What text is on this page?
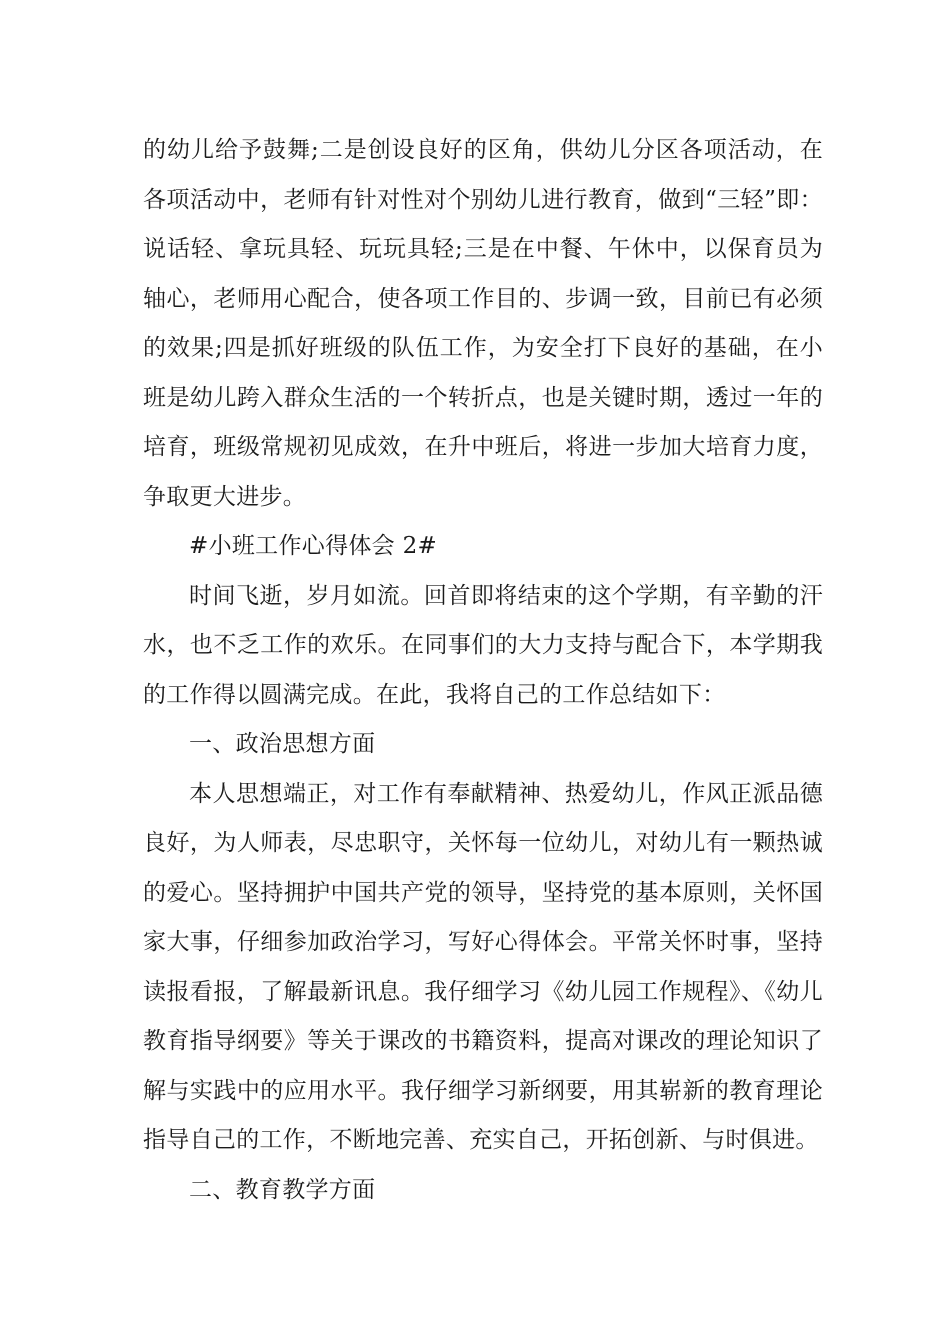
的幼儿给予鼓舞;二是创设良好的区角，供幼儿分区各项活动，在各项活动中，老师有针对性对个别幼儿进行教育，做到“三轻”即：说话轻、拿玩具轻、玩玩具轻;三是在中餐、午休中，以保育员为轴心，老师用心配合，使各项工作目的、步调一致，目前已有必须的效果;四是抓好班级的队伍工作，为安全打下良好的基础，在小班是幼儿跨入群众生活的一个转折点，也是关键时期，透过一年的培育，班级常规初见成效，在升中班后，将进一步加大培育力度，争取更大进步。

#小班工作心得体会 2#

时间飞逝，岁月如流。回首即将结束的这个学期，有辛勤的汗水，也不乏工作的欢乐。在同事们的大力支持与配合下，本学期我的工作得以圆满完成。在此，我将自己的工作总结如下：

一、政治思想方面

本人思想端正，对工作有奉献精神、热爱幼儿，作风正派品德良好，为人师表，尽忠职守，关怀每一位幼儿，对幼儿有一颗热诚的爱心。坚持拥护中国共产党的领导，坚持党的基本原则，关怀国家大事，仔细参加政治学习，写好心得体会。平常关怀时事，坚持读报看报，了解最新讯息。我仔细学习《幼儿园工作规程》、《幼儿教育指导纲要》等关于课改的书籍资料，提高对课改的理论知识了解与实践中的应用水平。我仔细学习新纲要，用其崭新的教育理论指导自己的工作，不断地完善、充实自己，开拓创新、与时俱进。

二、教育教学方面
